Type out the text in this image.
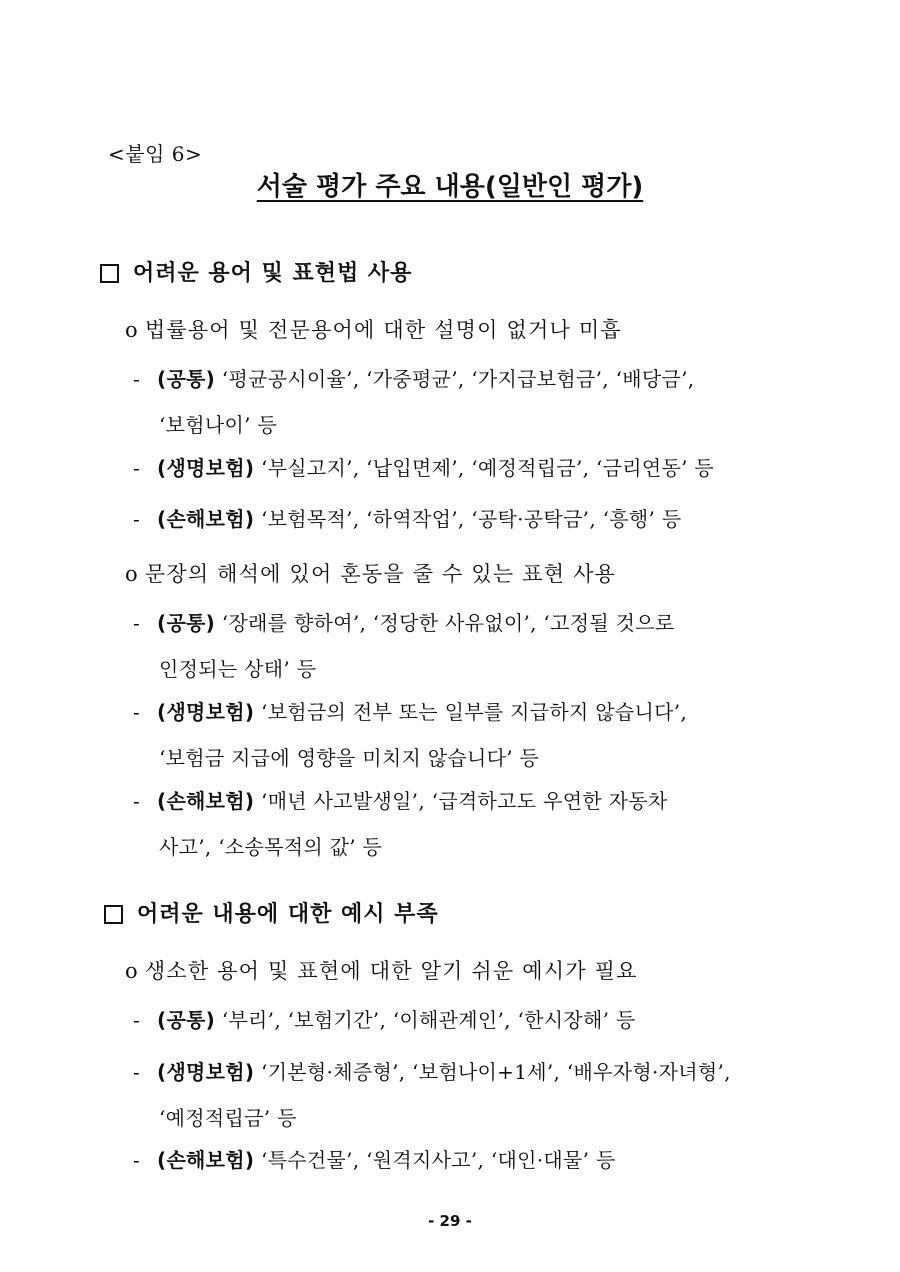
<붙임 6>
서술 평가 주요 내용(일반인 평가)
어려운 용어 및 표현법 사용
o 법률용어 및 전문용어에 대한 설명이 없거나 미흡
- (공통) ‘평균공시이율’, ‘가중평균’, ‘가지급보험금’, ‘배당금’,
‘보험나이’ 등
- (생명보험) ‘부실고지’, ‘납입면제’, ‘예정적립금’, ‘금리연동’ 등
- (손해보험) ‘보험목적’, ‘하역작업’, ‘공탁·공탁금’, ‘흥행’ 등
o 문장의 해석에 있어 혼동을 줄 수 있는 표현 사용
- (공통) ‘장래를 향하여’, ‘정당한 사유없이’, ‘고정될 것으로
인정되는 상태’ 등
- (생명보험) ‘보험금의 전부 또는 일부를 지급하지 않습니다’,
‘보험금 지급에 영향을 미치지 않습니다’ 등
- (손해보험) ‘매년 사고발생일’, ‘급격하고도 우연한 자동차
사고’, ‘소송목적의 값’ 등
어려운 내용에 대한 예시 부족
o 생소한 용어 및 표현에 대한 알기 쉬운 예시가 필요
- (공통) ‘부리’, ‘보험기간’, ‘이해관계인’, ‘한시장해’ 등
- (생명보험) ‘기본형·체증형’, ‘보험나이+1세’, ‘배우자형·자녀형’,
‘예정적립금’ 등
- (손해보험) ‘특수건물’, ‘원격지사고’, ‘대인·대물’ 등
- 29 -
